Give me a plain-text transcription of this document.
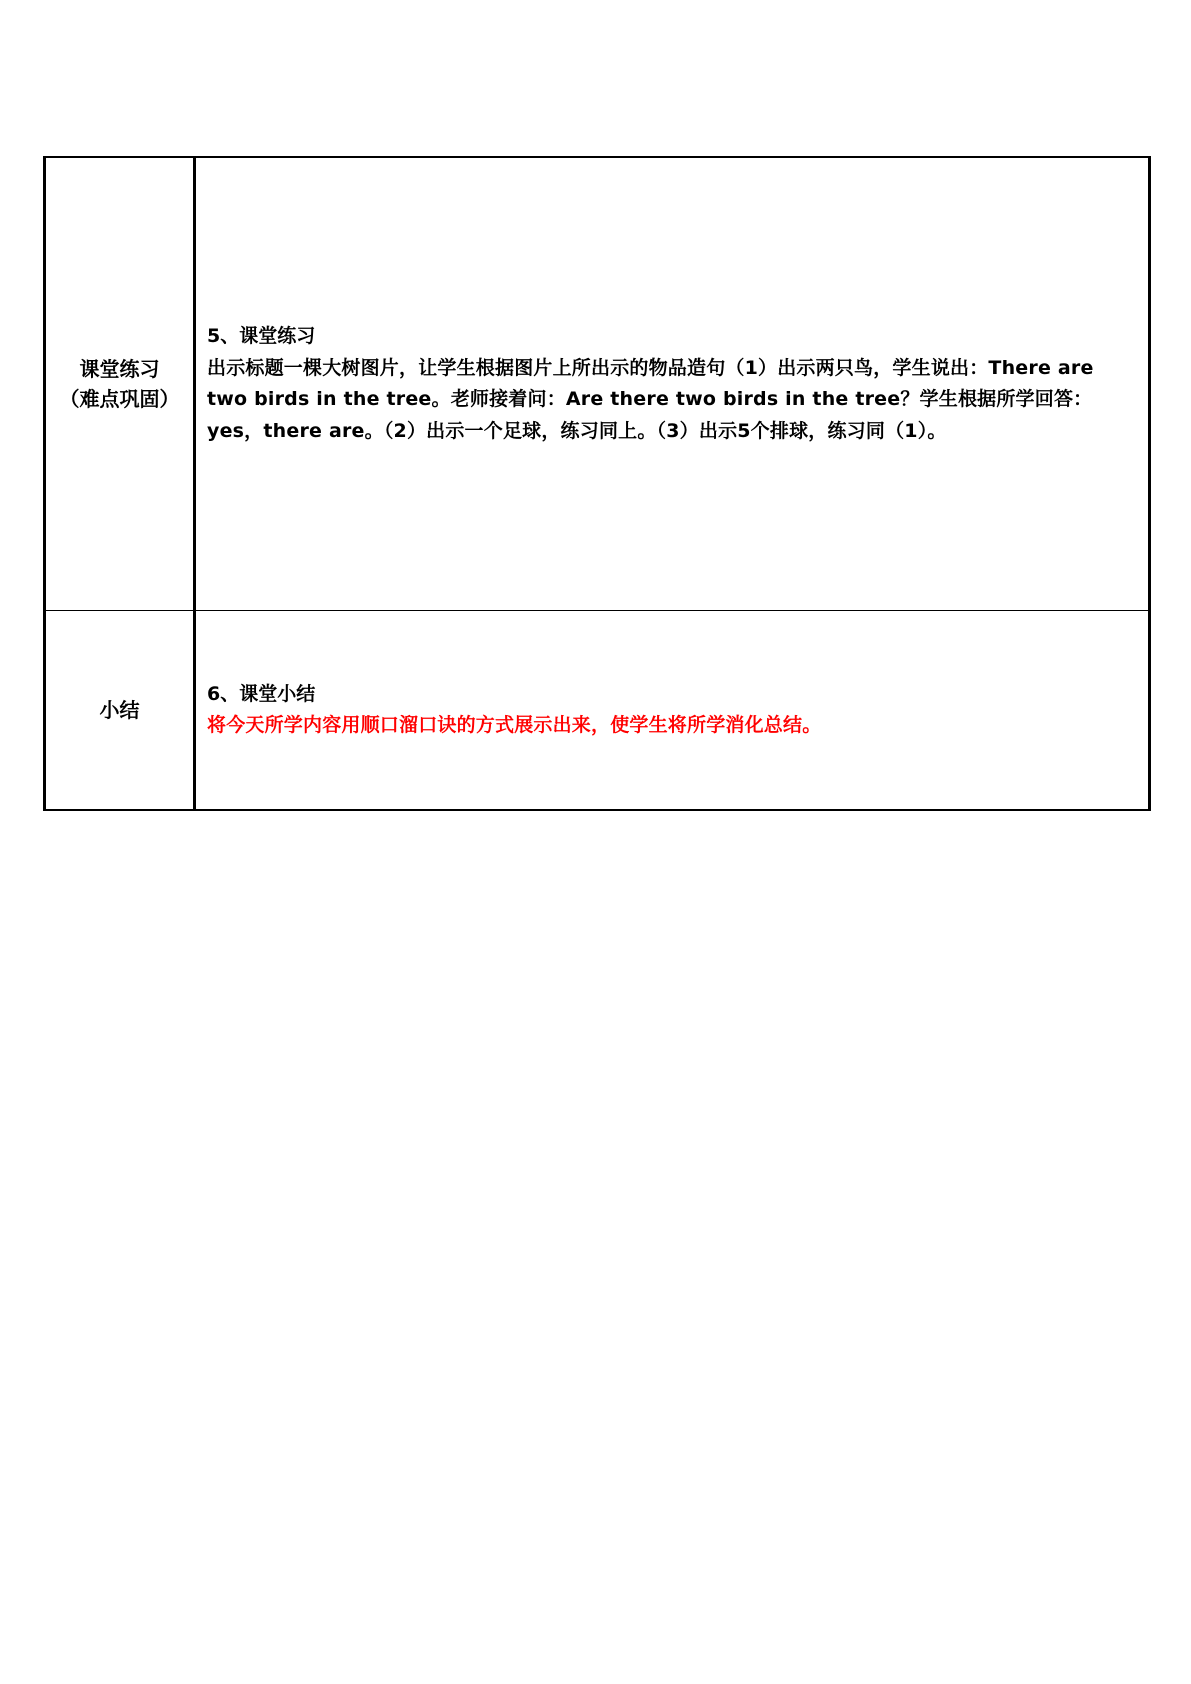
课堂练习
（难点巩固）	5、课堂练习
出示标题一棵大树图片，让学生根据图片上所出示的物品造句（1）出示两只鸟，学生说出：There are two birds in the tree。老师接着问：Are there two birds in the tree？学生根据所学回答：yes，there are。（2）出示一个足球，练习同上。（3）出示5个排球，练习同（1）。

小结	6、课堂小结
将今天所学内容用顺口溜口诀的方式展示出来，使学生将所学消化总结。
